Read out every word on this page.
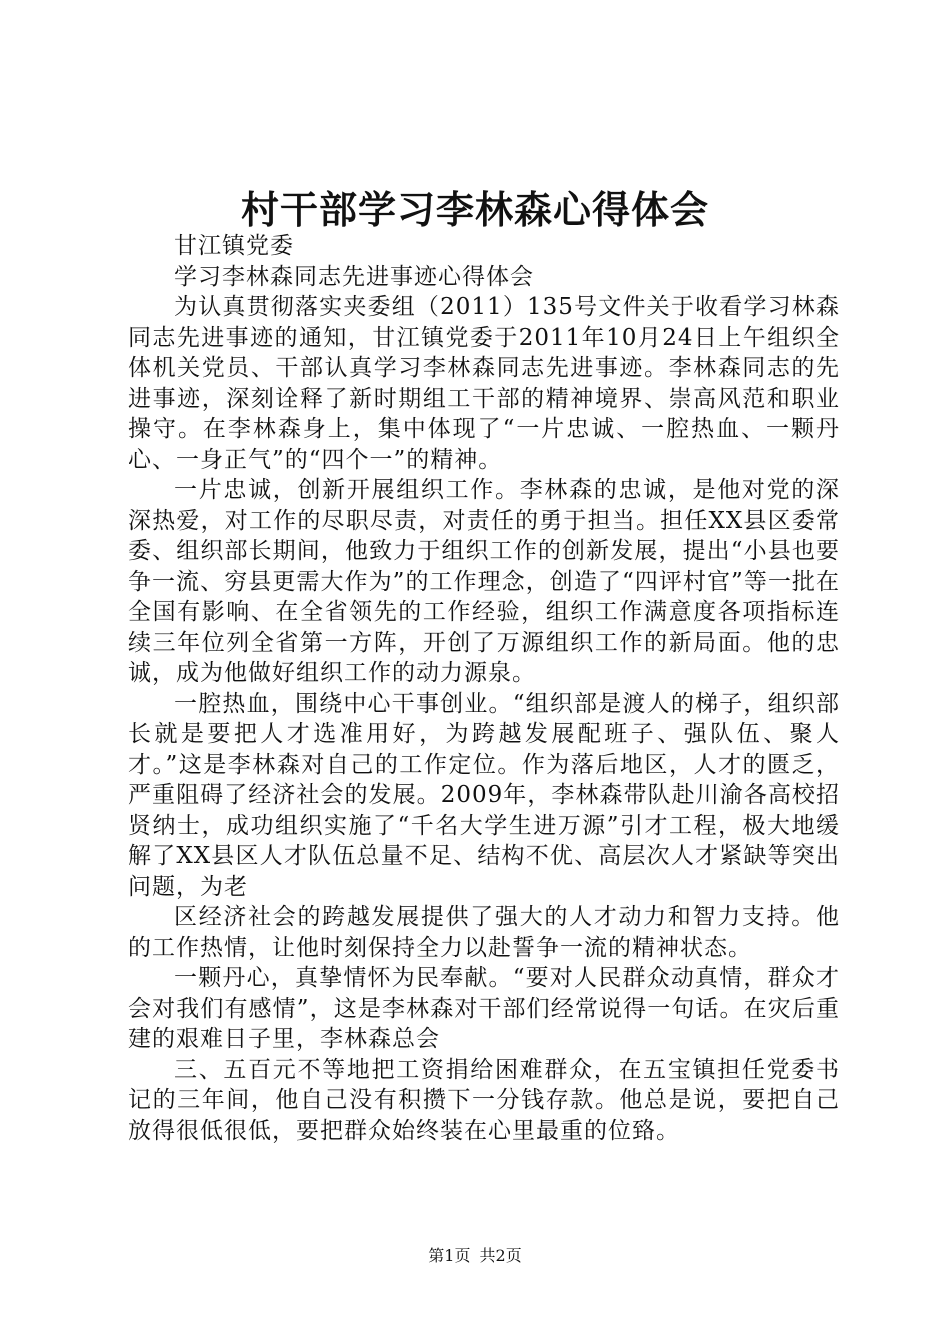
村干部学习李林森心得体会

甘江镇党委

学习李林森同志先进事迹心得体会

为认真贯彻落实夹委组（2011）135号文件关于收看学习林森同志先进事迹的通知，甘江镇党委于2011年10月24日上午组织全体机关党员、干部认真学习李林森同志先进事迹。李林森同志的先进事迹，深刻诠释了新时期组工干部的精神境界、崇高风范和职业操守。在李林森身上，集中体现了“一片忠诚、一腔热血、一颗丹心、一身正气”的“四个一”的精神。

一片忠诚，创新开展组织工作。李林森的忠诚，是他对党的深深热爱，对工作的尽职尽责，对责任的勇于担当。担任XX县区委常委、组织部长期间，他致力于组织工作的创新发展，提出“小县也要争一流、穷县更需大作为”的工作理念，创造了“四评村官”等一批在全国有影响、在全省领先的工作经验，组织工作满意度各项指标连续三年位列全省第一方阵，开创了万源组织工作的新局面。他的忠诚，成为他做好组织工作的动力源泉。

一腔热血，围绕中心干事创业。“组织部是渡人的梯子，组织部长就是要把人才选准用好，为跨越发展配班子、强队伍、聚人才。”这是李林森对自己的工作定位。作为落后地区，人才的匮乏，严重阻碍了经济社会的发展。2009年，李林森带队赴川渝各高校招贤纳士，成功组织实施了“千名大学生进万源”引才工程，极大地缓解了XX县区人才队伍总量不足、结构不优、高层次人才紧缺等突出问题，为老

区经济社会的跨越发展提供了强大的人才动力和智力支持。他的工作热情，让他时刻保持全力以赴誓争一流的精神状态。

一颗丹心，真挚情怀为民奉献。“要对人民群众动真情，群众才会对我们有感情”，这是李林森对干部们经常说得一句话。在灾后重建的艰难日子里，李林森总会

三、五百元不等地把工资捐给困难群众，在五宝镇担任党委书记的三年间，他自己没有积攒下一分钱存款。他总是说，要把自己放得很低很低，要把群众始终装在心里最重的位臵。

第1页 共2页
